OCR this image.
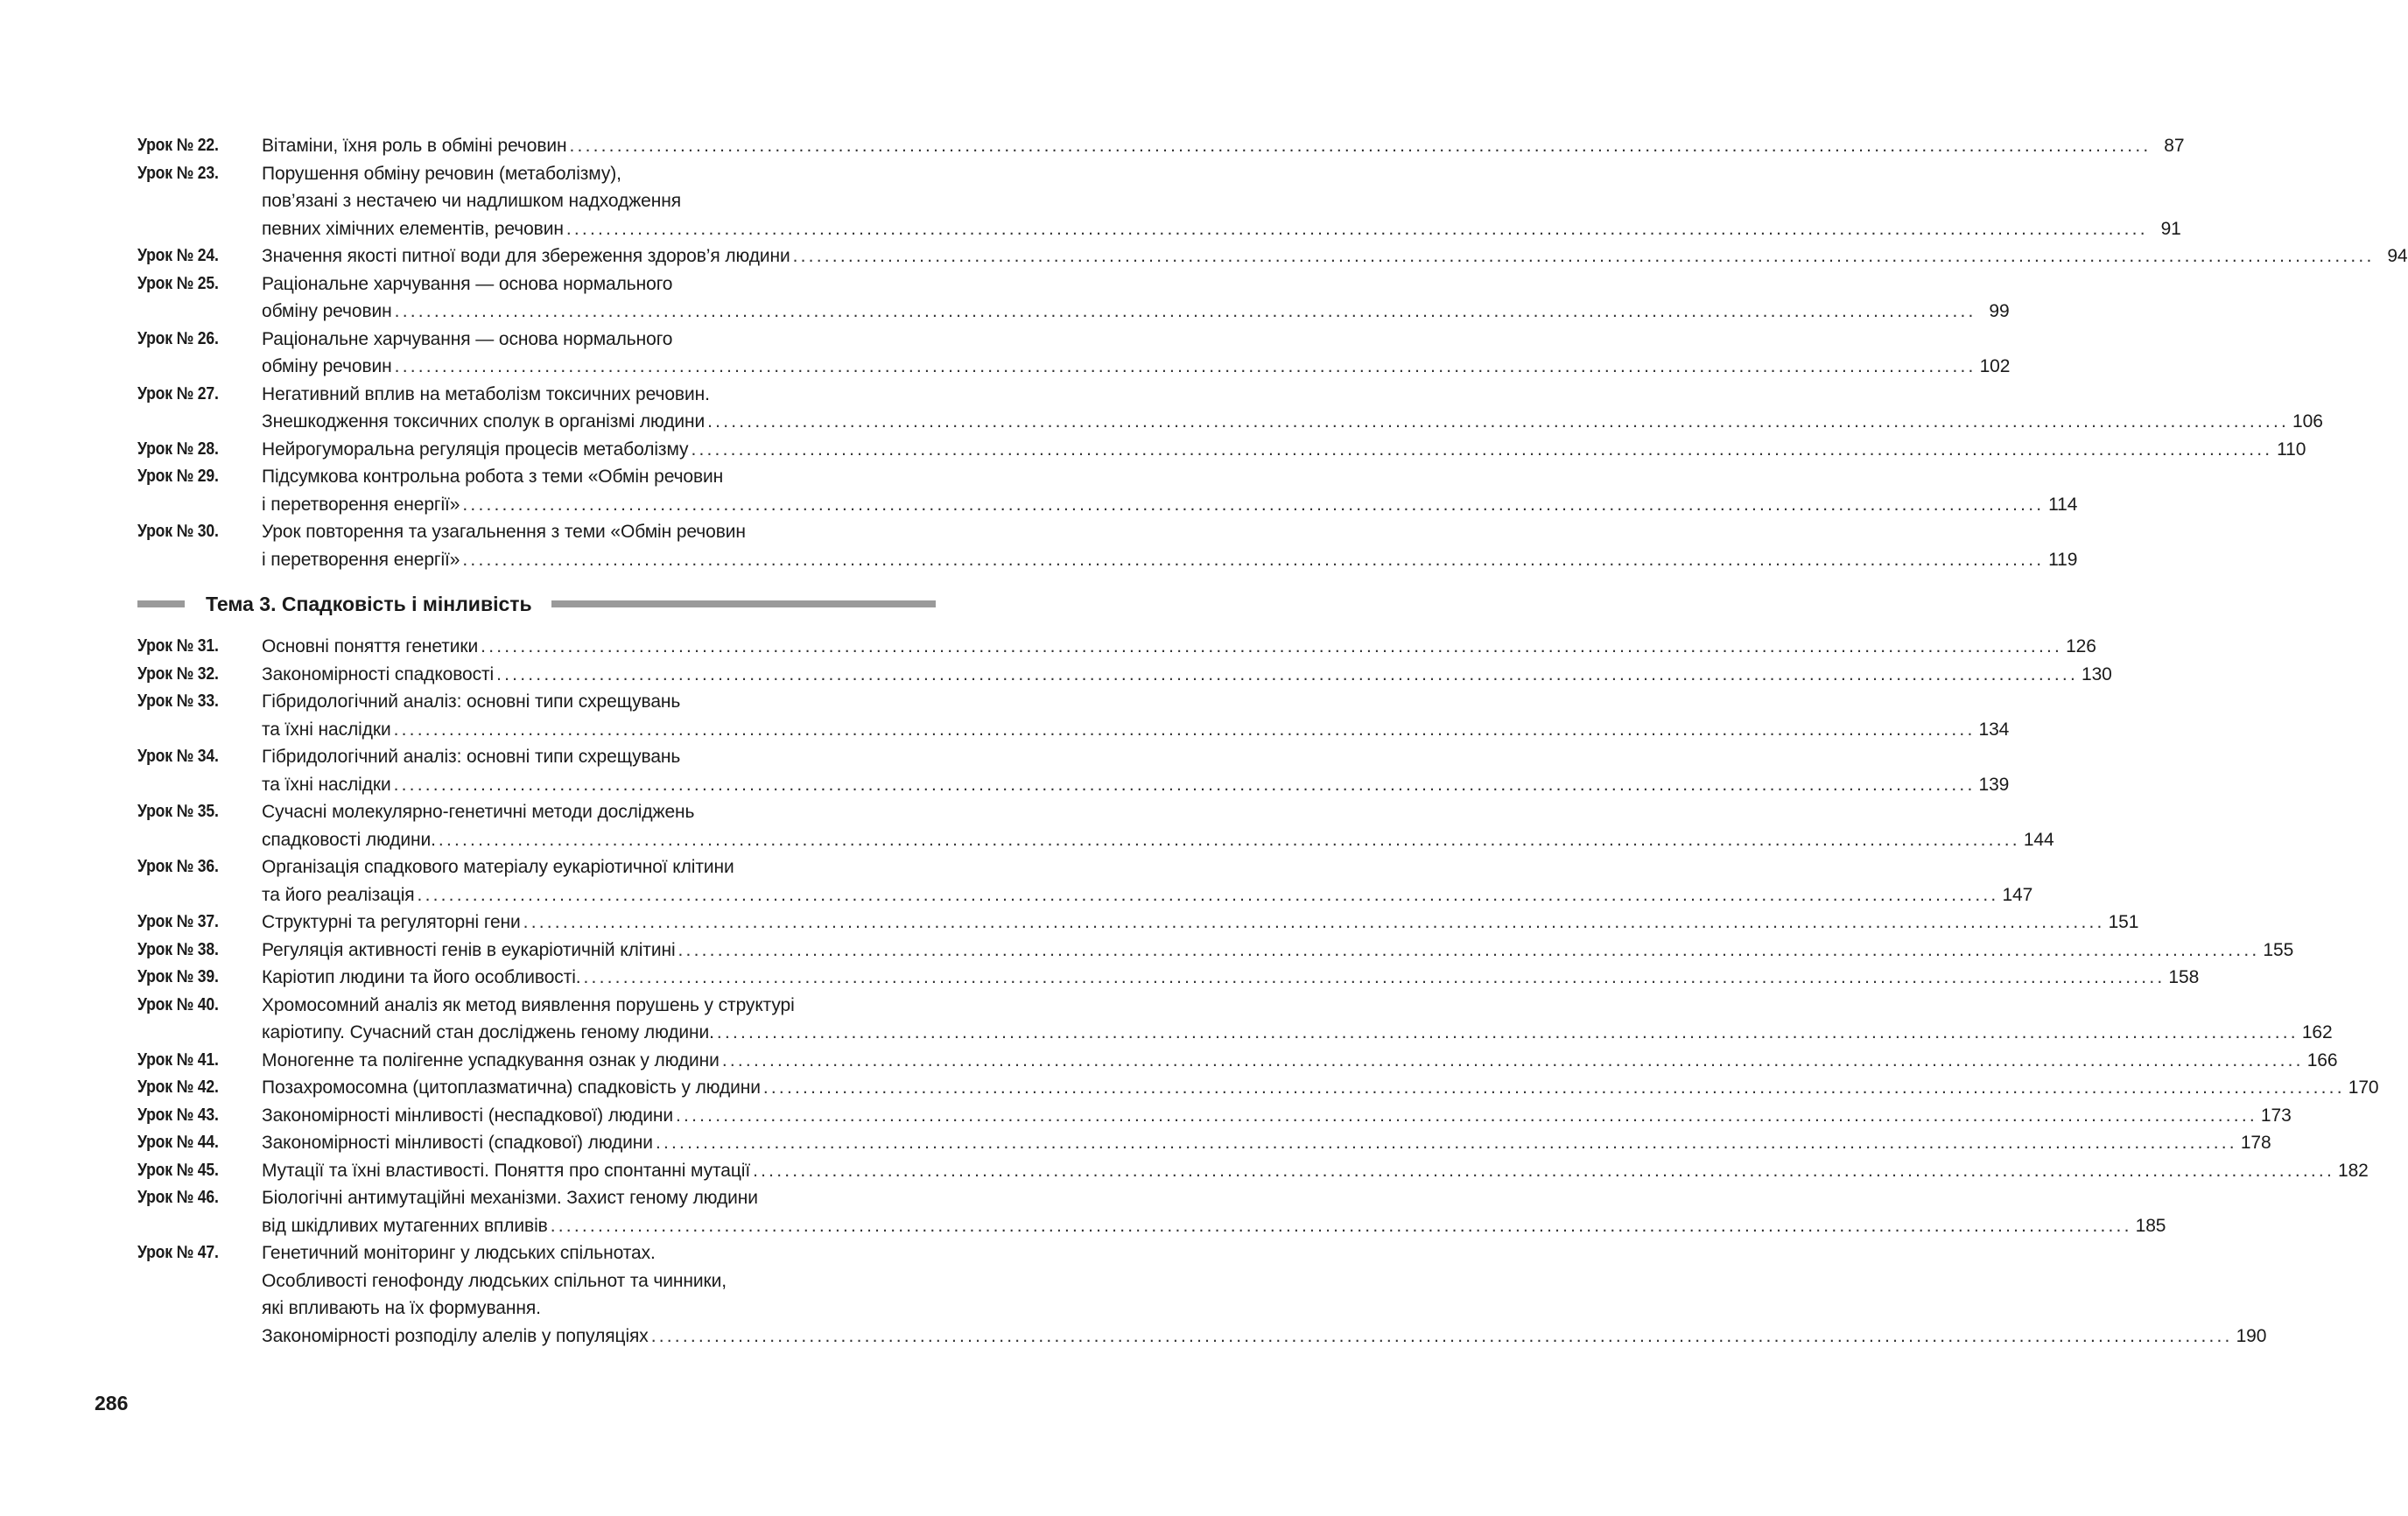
Урок № 22.	Вітаміни, їхня роль в обміні речовин ........................................................................................................................................................................................................ 87
Урок № 23.	Порушення обміну речовин (метаболізму),
пов’язані з нестачею чи надлишком надходження
певних хімічних елементів, речовин ........................................................................................................................................................................................................ 91
Урок № 24.	Значення якості питної води для збереження здоров’я людини ........................................................................................................................................................................................................ 94
Урок № 25.	Раціональне харчування — основа нормального
обміну речовин ........................................................................................................................................................................................................ 99
Урок № 26.	Раціональне харчування — основа нормального
обміну речовин ........................................................................................................................................................................................................ 102
Урок № 27.	Негативний вплив на метаболізм токсичних речовин.
Знешкодження токсичних сполук в організмі людини ........................................................................................................................................................................................................ 106
Урок № 28.	Нейрогуморальна регуляція процесів метаболізму ........................................................................................................................................................................................................ 110
Урок № 29.	Підсумкова контрольна робота з теми «Обмін речовин
і перетворення енергії» ........................................................................................................................................................................................................ 114
Урок № 30.	Урок повторення та узагальнення з теми «Обмін речовин
і перетворення енергії» ........................................................................................................................................................................................................ 119
Тема 3. Спадковість і мінливість
Урок № 31.	Основні поняття генетики ........................................................................................................................................................................................................ 126
Урок № 32.	Закономірності спадковості ........................................................................................................................................................................................................ 130
Урок № 33.	Гібридологічний аналіз: основні типи схрещувань
та їхні наслідки ........................................................................................................................................................................................................ 134
Урок № 34.	Гібридологічний аналіз: основні типи схрещувань
та їхні наслідки ........................................................................................................................................................................................................ 139
Урок № 35.	Сучасні молекулярно-генетичні методи досліджень
спадковості людини. ........................................................................................................................................................................................................ 144
Урок № 36.	Організація спадкового матеріалу еукаріотичної клітини
та його реалізація ........................................................................................................................................................................................................ 147
Урок № 37.	Структурні та регуляторні гени ........................................................................................................................................................................................................ 151
Урок № 38.	Регуляція активності генів в еукаріотичній клітині ........................................................................................................................................................................................................ 155
Урок № 39.	Каріотип людини та його особливості. ........................................................................................................................................................................................................ 158
Урок № 40.	Хромосомний аналіз як метод виявлення порушень у структурі
каріотипу. Сучасний стан досліджень геному людини. ........................................................................................................................................................................................................ 162
Урок № 41.	Моногенне та полігенне успадкування ознак у людини ........................................................................................................................................................................................................ 166
Урок № 42.	Позахромосомна (цитоплазматична) спадковість у людини ........................................................................................................................................................................................................ 170
Урок № 43.	Закономірності мінливості (неспадкової) людини ........................................................................................................................................................................................................ 173
Урок № 44.	Закономірності мінливості (спадкової) людини ........................................................................................................................................................................................................ 178
Урок № 45.	Мутації та їхні властивості. Поняття про спонтанні мутації ........................................................................................................................................................................................................ 182
Урок № 46.	Біологічні антимутаційні механізми. Захист геному людини
від шкідливих мутагенних впливів ........................................................................................................................................................................................................ 185
Урок № 47.	Генетичний моніторинг у людських спільнотах.
Особливості генофонду людських спільнот та чинники,
які впливають на їх формування.
Закономірності розподілу алелів у популяціях ........................................................................................................................................................................................................ 190
286
